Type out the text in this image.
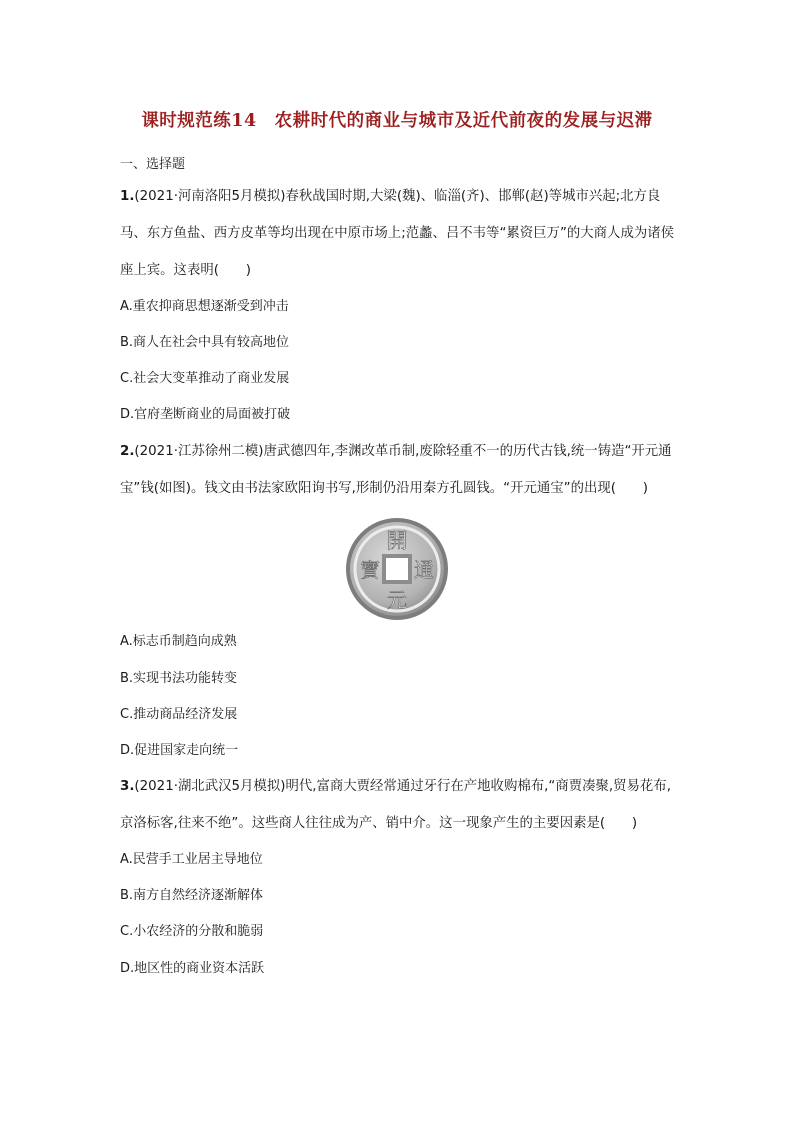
课时规范练14　农耕时代的商业与城市及近代前夜的发展与迟滞
一、选择题
1.(2021·河南洛阳5月模拟)春秋战国时期,大梁(魏)、临淄(齐)、邯郸(赵)等城市兴起;北方良
马、东方鱼盐、西方皮革等均出现在中原市场上;范蠡、吕不韦等“累资巨万”的大商人成为诸侯
座上宾。这表明(　　)
A.重农抑商思想逐渐受到冲击
B.商人在社会中具有较高地位
C.社会大变革推动了商业发展
D.官府垄断商业的局面被打破
2.(2021·江苏徐州二模)唐武德四年,李渊改革币制,废除轻重不一的历代古钱,统一铸造“开元通
宝”钱(如图)。钱文由书法家欧阳询书写,形制仍沿用秦方孔圆钱。“开元通宝”的出现(　　)
開
通
元
寶
A.标志币制趋向成熟
B.实现书法功能转变
C.推动商品经济发展
D.促进国家走向统一
3.(2021·湖北武汉5月模拟)明代,富商大贾经常通过牙行在产地收购棉布,“商贾凑聚,贸易花布,
京洛标客,往来不绝”。这些商人往往成为产、销中介。这一现象产生的主要因素是(　　)
A.民营手工业居主导地位
B.南方自然经济逐渐解体
C.小农经济的分散和脆弱
D.地区性的商业资本活跃
